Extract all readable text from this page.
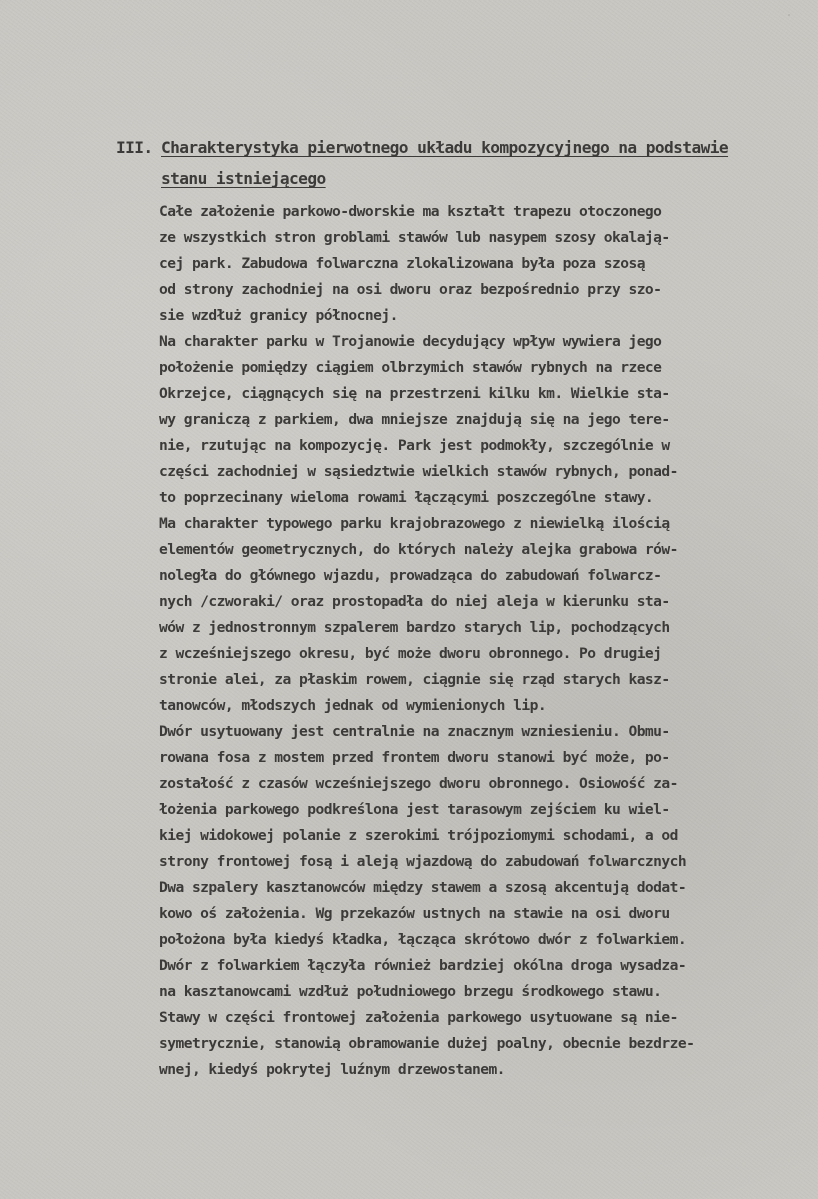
˙
III. Charakterystyka pierwotnego układu kompozycyjnego na podstawie
stanu istniejącego
Całe założenie parkowo-dworskie ma kształt trapezu otoczonego
ze wszystkich stron groblami stawów lub nasypem szosy okalają-
cej park. Zabudowa folwarczna zlokalizowana była poza szosą
od strony zachodniej na osi dworu oraz bezpośrednio przy szo-
sie wzdłuż granicy północnej.
Na charakter parku w Trojanowie decydujący wpływ wywiera jego
położenie pomiędzy ciągiem olbrzymich stawów rybnych na rzece
Okrzejce, ciągnących się na przestrzeni kilku km. Wielkie sta-
wy graniczą z parkiem, dwa mniejsze znajdują się na jego tere-
nie, rzutując na kompozycję. Park jest podmokły, szczególnie w
części zachodniej w sąsiedztwie wielkich stawów rybnych, ponad-
to poprzecinany wieloma rowami łączącymi poszczególne stawy.
Ma charakter typowego parku krajobrazowego z niewielką ilością
elementów geometrycznych, do których należy alejka grabowa rów-
noległa do głównego wjazdu, prowadząca do zabudowań folwarcz-
nych /czworaki/ oraz prostopadła do niej aleja w kierunku sta-
wów z jednostronnym szpalerem bardzo starych lip, pochodzących
z wcześniejszego okresu, być może dworu obronnego. Po drugiej
stronie alei, za płaskim rowem, ciągnie się rząd starych kasz-
tanowców, młodszych jednak od wymienionych lip.
Dwór usytuowany jest centralnie na znacznym wzniesieniu. Obmu-
rowana fosa z mostem przed frontem dworu stanowi być może, po-
zostałość z czasów wcześniejszego dworu obronnego. Osiowość za-
łożenia parkowego podkreślona jest tarasowym zejściem ku wiel-
kiej widokowej polanie z szerokimi trójpoziomymi schodami, a od
strony frontowej fosą i aleją wjazdową do zabudowań folwarcznych
Dwa szpalery kasztanowców między stawem a szosą akcentują dodat-
kowo oś założenia. Wg przekazów ustnych na stawie na osi dworu
położona była kiedyś kładka, łącząca skrótowo dwór z folwarkiem.
Dwór z folwarkiem łączyła również bardziej okólna droga wysadza-
na kasztanowcami wzdłuż południowego brzegu środkowego stawu.
Stawy w części frontowej założenia parkowego usytuowane są nie-
symetrycznie, stanowią obramowanie dużej poalny, obecnie bezdrze-
wnej, kiedyś pokrytej luźnym drzewostanem.
